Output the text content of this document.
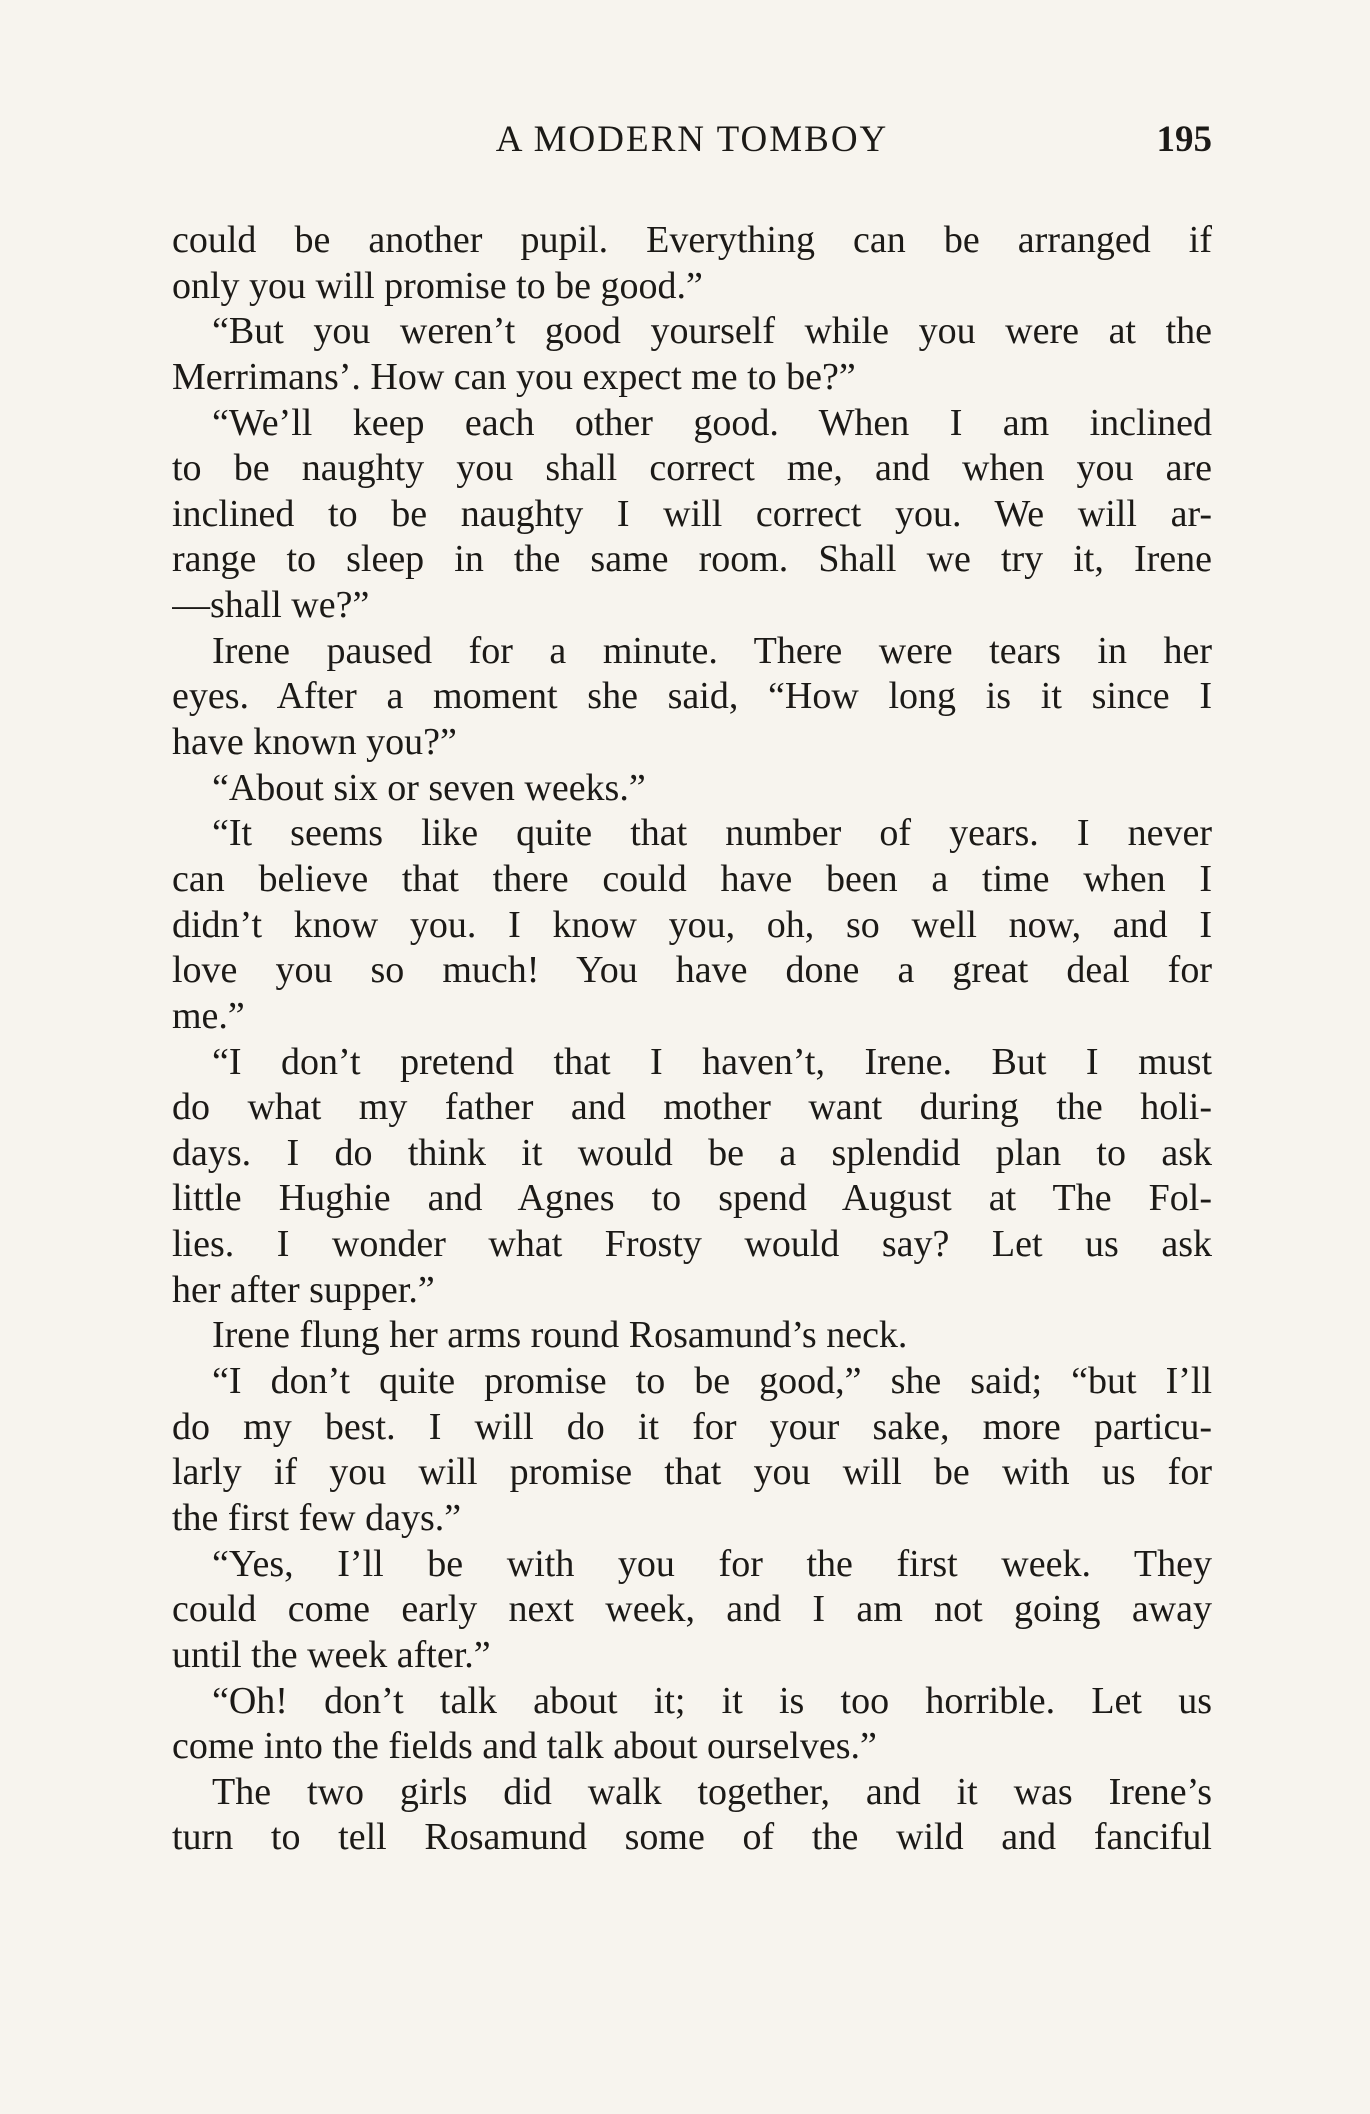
A MODERN TOMBOY	195
could be another pupil. Everything can be arranged if
only you will promise to be good.”
“But you weren’t good yourself while you were at the
Merrimans’. How can you expect me to be?”
“We’ll keep each other good. When I am inclined
to be naughty you shall correct me, and when you are
inclined to be naughty I will correct you. We will ar-
range to sleep in the same room. Shall we try it, Irene
—shall we?”
Irene paused for a minute. There were tears in her
eyes. After a moment she said, “How long is it since I
have known you?”
“About six or seven weeks.”
“It seems like quite that number of years. I never
can believe that there could have been a time when I
didn’t know you. I know you, oh, so well now, and I
love you so much! You have done a great deal for
me.”
“I don’t pretend that I haven’t, Irene. But I must
do what my father and mother want during the holi-
days. I do think it would be a splendid plan to ask
little Hughie and Agnes to spend August at The Fol-
lies. I wonder what Frosty would say? Let us ask
her after supper.”
Irene flung her arms round Rosamund’s neck.
“I don’t quite promise to be good,” she said; “but I’ll
do my best. I will do it for your sake, more particu-
larly if you will promise that you will be with us for
the first few days.”
“Yes, I’ll be with you for the first week. They
could come early next week, and I am not going away
until the week after.”
“Oh! don’t talk about it; it is too horrible. Let us
come into the fields and talk about ourselves.”
The two girls did walk together, and it was Irene’s
turn to tell Rosamund some of the wild and fanciful
